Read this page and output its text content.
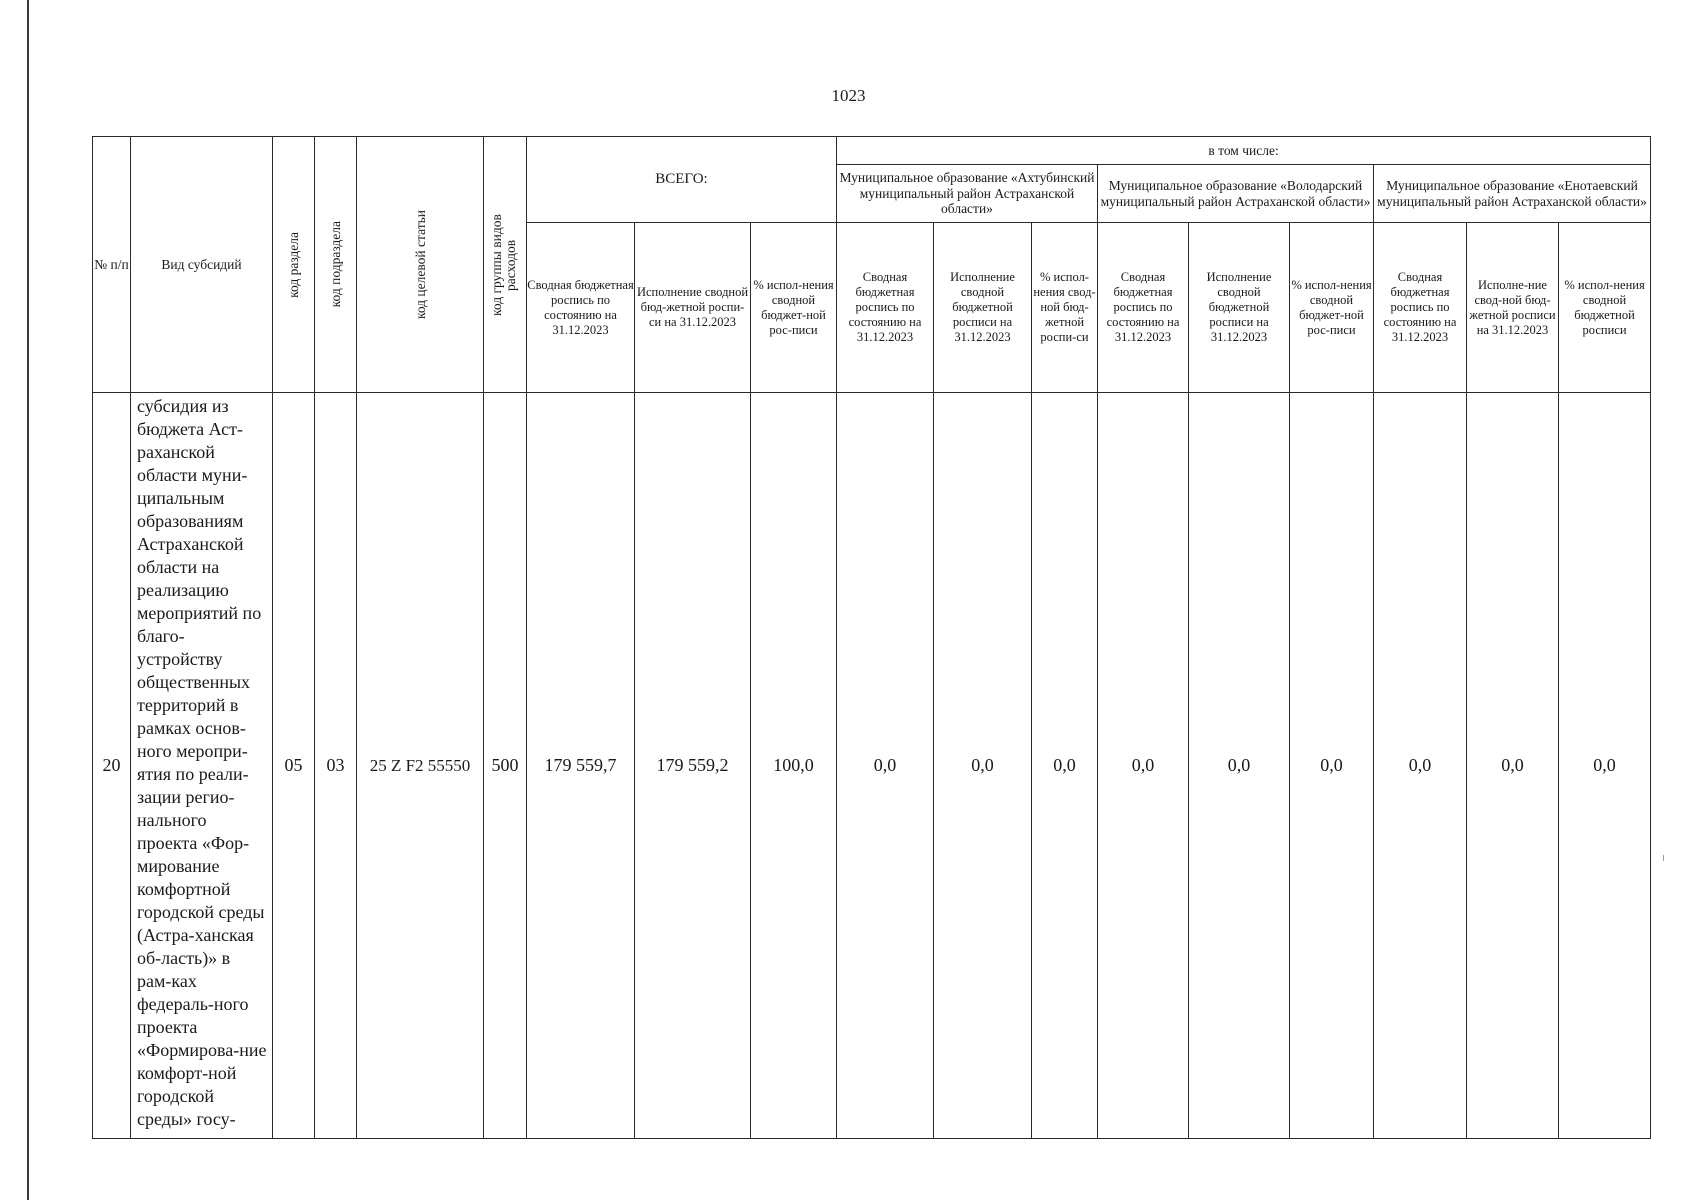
1023
№ п/п	Вид субсидий	код раздела	код подраздела	код целевой статьи	код группы видов расходов	ВСЕГО:			в том числе:								
									Муниципальное образование «Ахтубинский муниципальный район Астраханской области»			Муниципальное образование «Володарский муниципальный район Астраханской области»			Муниципальное образование «Енотаевский муниципальный район Астраханской области»		
						Сводная бюджетная роспись по состоянию на 31.12.2023	Исполнение сводной бюд-жетной роспи-си на 31.12.2023	% испол-нения сводной бюджет-ной рос-писи	Сводная бюджетная роспись по состоянию на 31.12.2023	Исполнение сводной бюджетной росписи на 31.12.2023	% испол-нения свод-ной бюд-жетной роспи-си	Сводная бюджетная роспись по состоянию на 31.12.2023	Исполнение сводной бюджетной росписи на 31.12.2023	% испол-нения сводной бюджет-ной рос-писи	Сводная бюджетная роспись по состоянию на 31.12.2023	Исполне-ние свод-ной бюд-жетной росписи на 31.12.2023	% испол-нения сводной бюджетной росписи
20	субсидия из бюджета Аст-раханской области муни-ципальным образованиям Астраханской области на реализацию мероприятий по благо-устройству общественных территорий в рамках основ-ного меропри-ятия по реали-зации регио-нального проекта «Фор-мирование комфортной городской среды (Астра-ханская об-ласть)» в рам-ках федераль-ного проекта «Формирова-ние комфорт-ной городской среды» госу-	05	03	25 Z F2 55550	500	179 559,7	179 559,2	100,0	0,0	0,0	0,0	0,0	0,0	0,0	0,0	0,0	0,0
